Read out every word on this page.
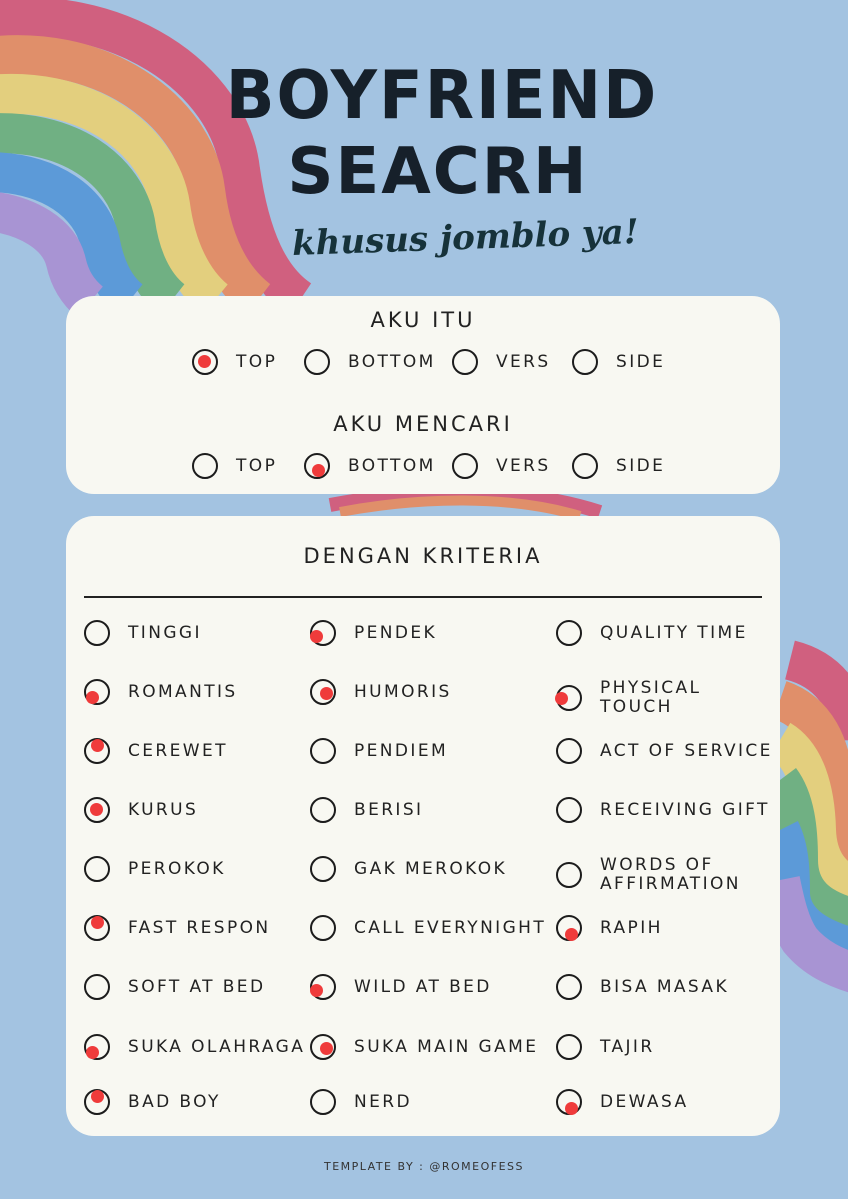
BOYFRIEND
SEACRH
khusus jomblo ya!
AKU ITU
TOP	BOTTOM	VERS	SIDE
AKU MENCARI
TOP	BOTTOM	VERS	SIDE
DENGAN KRITERIA
TINGGI	PENDEK	QUALITY TIME
ROMANTIS	HUMORIS	PHYSICAL TOUCH
CEREWET	PENDIEM	ACT OF SERVICE
KURUS	BERISI	RECEIVING GIFT
PEROKOK	GAK MEROKOK	WORDS OF AFFIRMATION
FAST RESPON	CALL EVERYNIGHT	RAPIH
SOFT AT BED	WILD AT BED	BISA MASAK
SUKA OLAHRAGA	SUKA MAIN GAME	TAJIR
BAD BOY	NERD	DEWASA
TEMPLATE BY : @ROMEOFESS
